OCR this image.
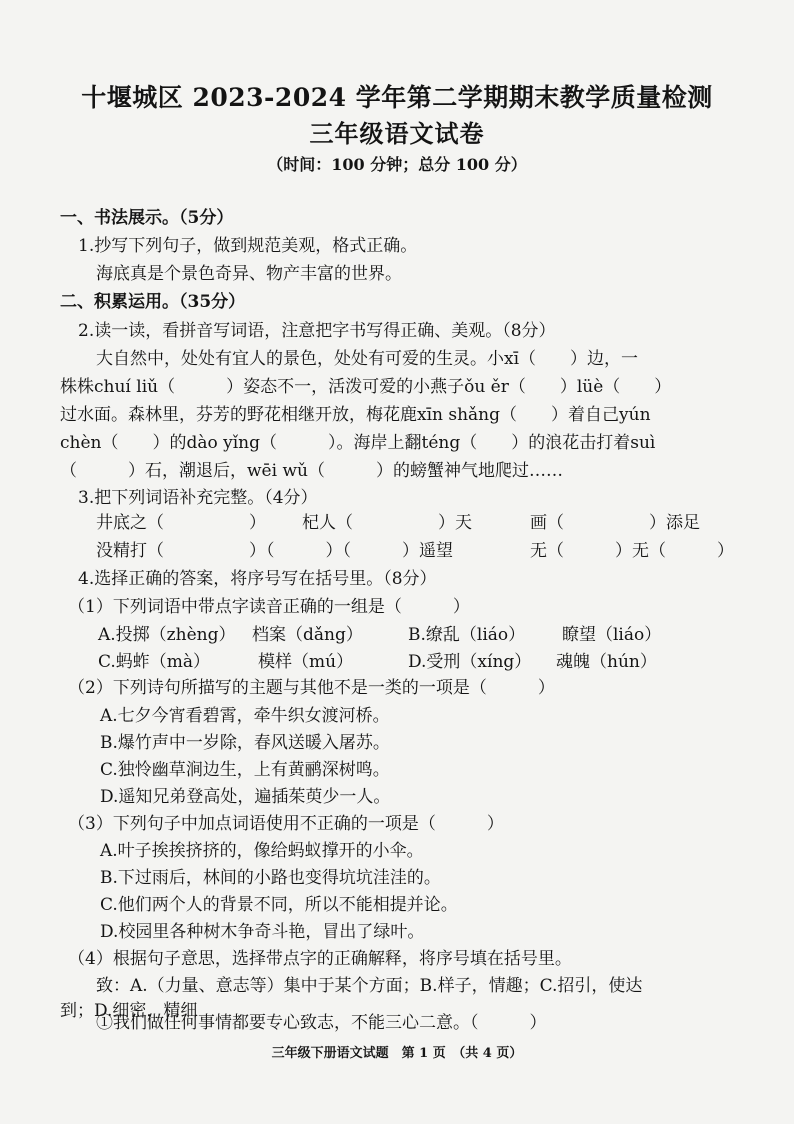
十堰城区 2023-2024 学年第二学期期末教学质量检测
三年级语文试卷
（时间：100 分钟；总分 100 分）
一、书法展示。（5分）
1.抄写下列句子，做到规范美观，格式正确。
海底真是个景色奇异、物产丰富的世界。
二、积累运用。（35分）
2.读一读，看拼音写词语，注意把字书写得正确、美观。（8分）
大自然中，处处有宜人的景色，处处有可爱的生灵。小xī（　　）边，一
株株chuí liǔ（　　　）姿态不一，活泼可爱的小燕子ǒu ěr（　　）lüè（　　）
过水面。森林里，芬芳的野花相继开放，梅花鹿xīn shǎng（　　）着自己yún
chèn（　　）的dào yǐng（　　　）。海岸上翻téng（　　）的浪花击打着suì
（　　　）石，潮退后，wēi wǔ（　　　）的螃蟹神气地爬过……
3.把下列词语补充完整。（4分）
井底之（　　　　　） 杞人（　　　　　）天	画（　　　　　）添足
没精打（　　　　　）（　　　）（　　　）遥望	无（　　　）无（　　　）
4.选择正确的答案，将序号写在括号里。（8分）
（1）下列词语中带点字读音正确的一组是（　　　）
A.投掷（zhèng） 档案（dǎng）	B.缭乱（liáo） 瞭望（liáo）
C.蚂蚱（mà）	模样（mú）	D.受刑（xíng） 魂魄（hún）
（2）下列诗句所描写的主题与其他不是一类的一项是（　　　）
A.七夕今宵看碧霄，牵牛织女渡河桥。
B.爆竹声中一岁除，春风送暖入屠苏。
C.独怜幽草涧边生，上有黄鹂深树鸣。
D.遥知兄弟登高处，遍插茱萸少一人。
（3）下列句子中加点词语使用不正确的一项是（　　　）
A.叶子挨挨挤挤的，像给蚂蚁撑开的小伞。
B.下过雨后，林间的小路也变得坑坑洼洼的。
C.他们两个人的背景不同，所以不能相提并论。
D.校园里各种树木争奇斗艳，冒出了绿叶。
（4）根据句子意思，选择带点字的正确解释，将序号填在括号里。
致：A.（力量、意志等）集中于某个方面；B.样子，情趣；C.招引，使达
到；D.细密，精细
①我们做任何事情都要专心致志，不能三心二意。（　　　）
三年级下册语文试题　第 1 页　（共 4 页）
